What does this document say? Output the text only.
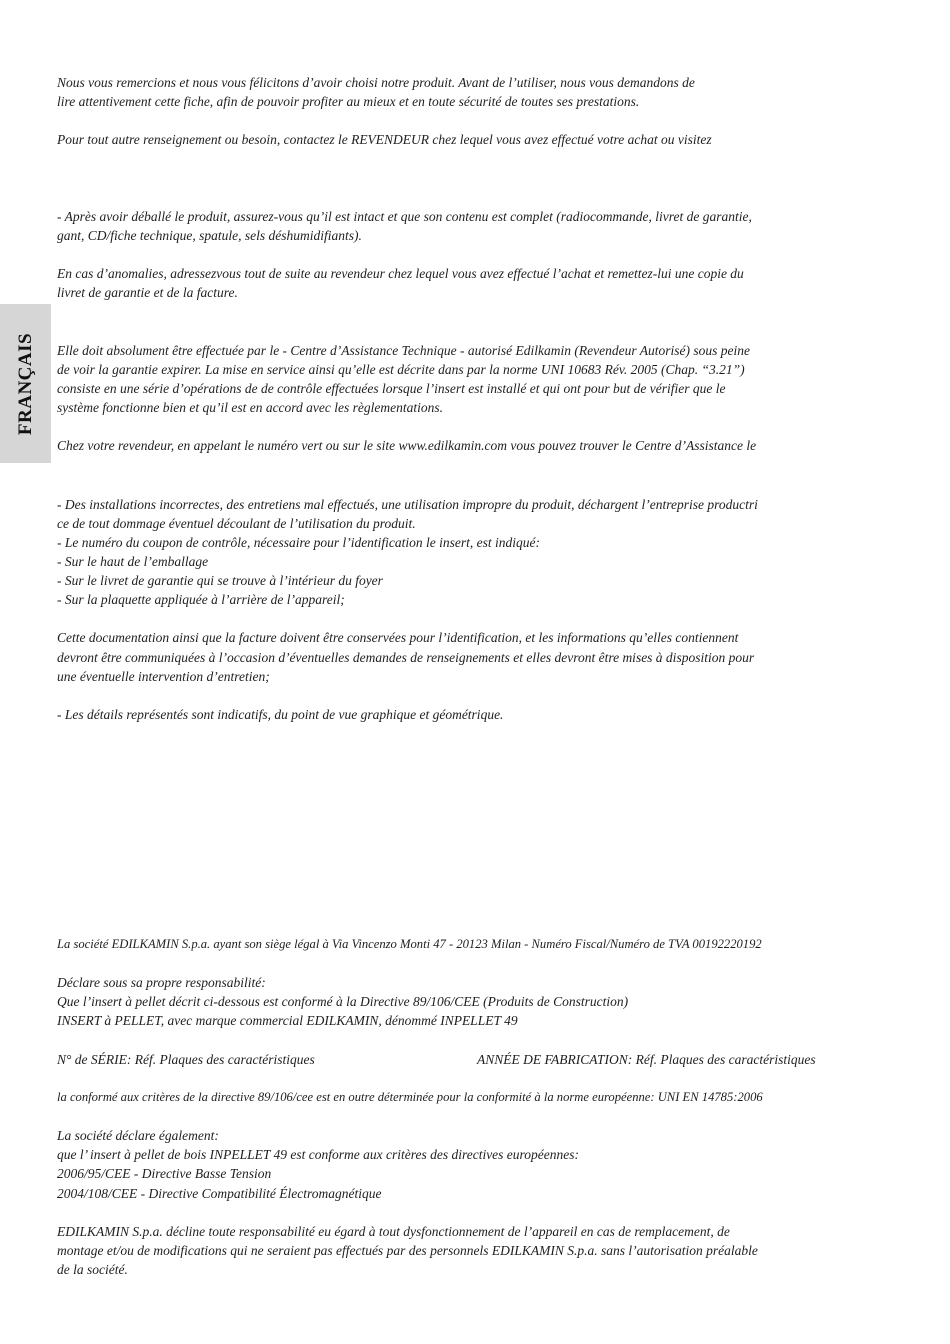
FRANÇAIS
Nous vous remercions et nous vous félicitons d’avoir choisi notre produit. Avant de l’utiliser, nous vous demandons de
lire attentivement cette fiche, afin de pouvoir profiter au mieux et en toute sécurité de toutes ses prestations.
Pour tout autre renseignement ou besoin, contactez le REVENDEUR chez lequel vous avez effectué votre achat ou visitez
- Après avoir déballé le produit, assurez-vous qu’il est intact et que son contenu est complet (radiocommande, livret de garantie,
gant, CD/fiche technique, spatule, sels déshumidifiants).
En cas d’anomalies, adressezvous tout de suite au revendeur chez lequel vous avez effectué l’achat et remettez-lui une copie du
livret de garantie et de la facture.
Elle doit absolument être effectuée par le - Centre d’Assistance Technique - autorisé Edilkamin (Revendeur Autorisé) sous peine
de voir la garantie expirer. La mise en service ainsi qu’elle est décrite dans par la norme UNI 10683 Rév. 2005 (Chap. “3.21”)
consiste en une série d’opérations de de contrôle effectuées lorsque l’insert est installé et qui ont pour but de vérifier que le
système fonctionne bien et qu’il est en accord avec les règlementations.
Chez votre revendeur, en appelant le numéro vert ou sur le site www.edilkamin.com vous pouvez trouver le Centre d’Assistance le
- Des installations incorrectes, des entretiens mal effectués, une utilisation impropre du produit, déchargent l’entreprise productri
ce de tout dommage éventuel découlant de l’utilisation du produit.
- Le numéro du coupon de contrôle, nécessaire pour l’identification le insert, est indiqué:
- Sur le haut de l’emballage
- Sur le livret de garantie qui se trouve à l’intérieur du foyer
- Sur la plaquette appliquée à l’arrière de l’appareil;
Cette documentation ainsi que la facture doivent être conservées pour l’identification, et les informations qu’elles contiennent
devront être communiquées à l’occasion d’éventuelles demandes de renseignements et elles devront être mises à disposition pour
une éventuelle intervention d’entretien;
- Les détails représentés sont indicatifs, du point de vue graphique et géométrique.
La société EDILKAMIN S.p.a. ayant son siège légal à Via Vincenzo Monti 47 - 20123 Milan - Numéro Fiscal/Numéro de TVA 00192220192
Déclare sous sa propre responsabilité:
Que l’insert à pellet décrit ci-dessous est conformé à la Directive 89/106/CEE (Produits de Construction)
INSERT à PELLET, avec marque commercial EDILKAMIN, dénommé INPELLET 49
N° de SÉRIE: Réf. Plaques des caractéristiques	ANNÉE DE FABRICATION: Réf. Plaques des caractéristiques
la conformé aux critères de la directive 89/106/cee est en outre déterminée pour la conformité à la norme européenne: UNI EN 14785:2006
La société déclare également:
que l’ insert à pellet de bois INPELLET 49 est conforme aux critères des directives européennes:
2006/95/CEE - Directive Basse Tension
2004/108/CEE - Directive Compatibilité Électromagnétique
EDILKAMIN S.p.a. décline toute responsabilité eu égard à tout dysfonctionnement de l’appareil en cas de remplacement, de
montage et/ou de modifications qui ne seraient pas effectués par des personnels EDILKAMIN S.p.a. sans l’autorisation préalable
de la société.
